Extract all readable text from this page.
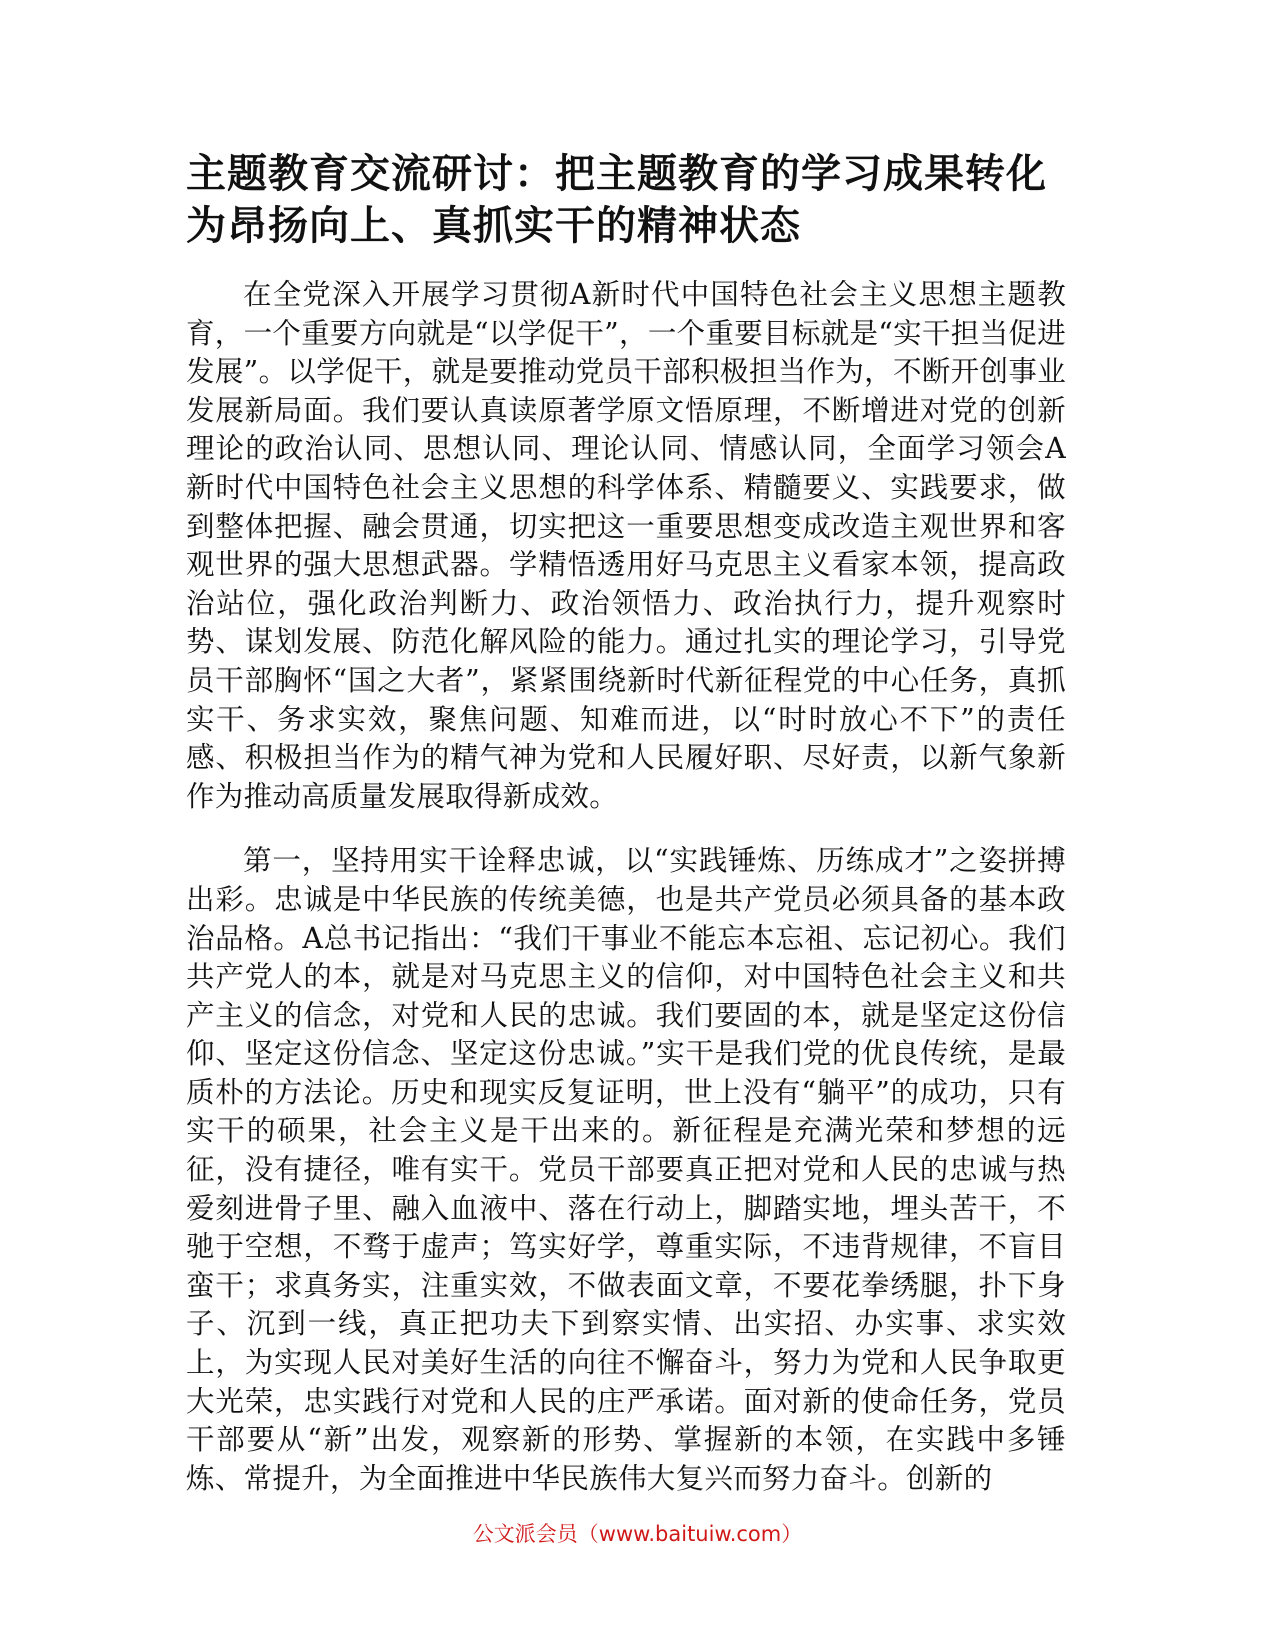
主题教育交流研讨：把主题教育的学习成果转化为昂扬向上、真抓实干的精神状态

在全党深入开展学习贯彻A新时代中国特色社会主义思想主题教育，一个重要方向就是“以学促干”，一个重要目标就是“实干担当促进发展”。以学促干，就是要推动党员干部积极担当作为，不断开创事业发展新局面。我们要认真读原著学原文悟原理，不断增进对党的创新理论的政治认同、思想认同、理论认同、情感认同，全面学习领会A新时代中国特色社会主义思想的科学体系、精髓要义、实践要求，做到整体把握、融会贯通，切实把这一重要思想变成改造主观世界和客观世界的强大思想武器。学精悟透用好马克思主义看家本领，提高政治站位，强化政治判断力、政治领悟力、政治执行力，提升观察时势、谋划发展、防范化解风险的能力。通过扎实的理论学习，引导党员干部胸怀“国之大者”，紧紧围绕新时代新征程党的中心任务，真抓实干、务求实效，聚焦问题、知难而进，以“时时放心不下”的责任感、积极担当作为的精气神为党和人民履好职、尽好责，以新气象新作为推动高质量发展取得新成效。

第一，坚持用实干诠释忠诚，以“实践锤炼、历练成才”之姿拼搏出彩。忠诚是中华民族的传统美德，也是共产党员必须具备的基本政治品格。A总书记指出：“我们干事业不能忘本忘祖、忘记初心。我们共产党人的本，就是对马克思主义的信仰，对中国特色社会主义和共产主义的信念，对党和人民的忠诚。我们要固的本，就是坚定这份信仰、坚定这份信念、坚定这份忠诚。”实干是我们党的优良传统，是最质朴的方法论。历史和现实反复证明，世上没有“躺平”的成功，只有实干的硕果，社会主义是干出来的。新征程是充满光荣和梦想的远征，没有捷径，唯有实干。党员干部要真正把对党和人民的忠诚与热爱刻进骨子里、融入血液中、落在行动上，脚踏实地，埋头苦干，不驰于空想，不骛于虚声；笃实好学，尊重实际，不违背规律，不盲目蛮干；求真务实，注重实效，不做表面文章，不要花拳绣腿，扑下身子、沉到一线，真正把功夫下到察实情、出实招、办实事、求实效上，为实现人民对美好生活的向往不懈奋斗，努力为党和人民争取更大光荣，忠实践行对党和人民的庄严承诺。面对新的使命任务，党员干部要从“新”出发，观察新的形势、掌握新的本领，在实践中多锤炼、常提升，为全面推进中华民族伟大复兴而努力奋斗。创新的

公文派会员（www.baituiw.com）
